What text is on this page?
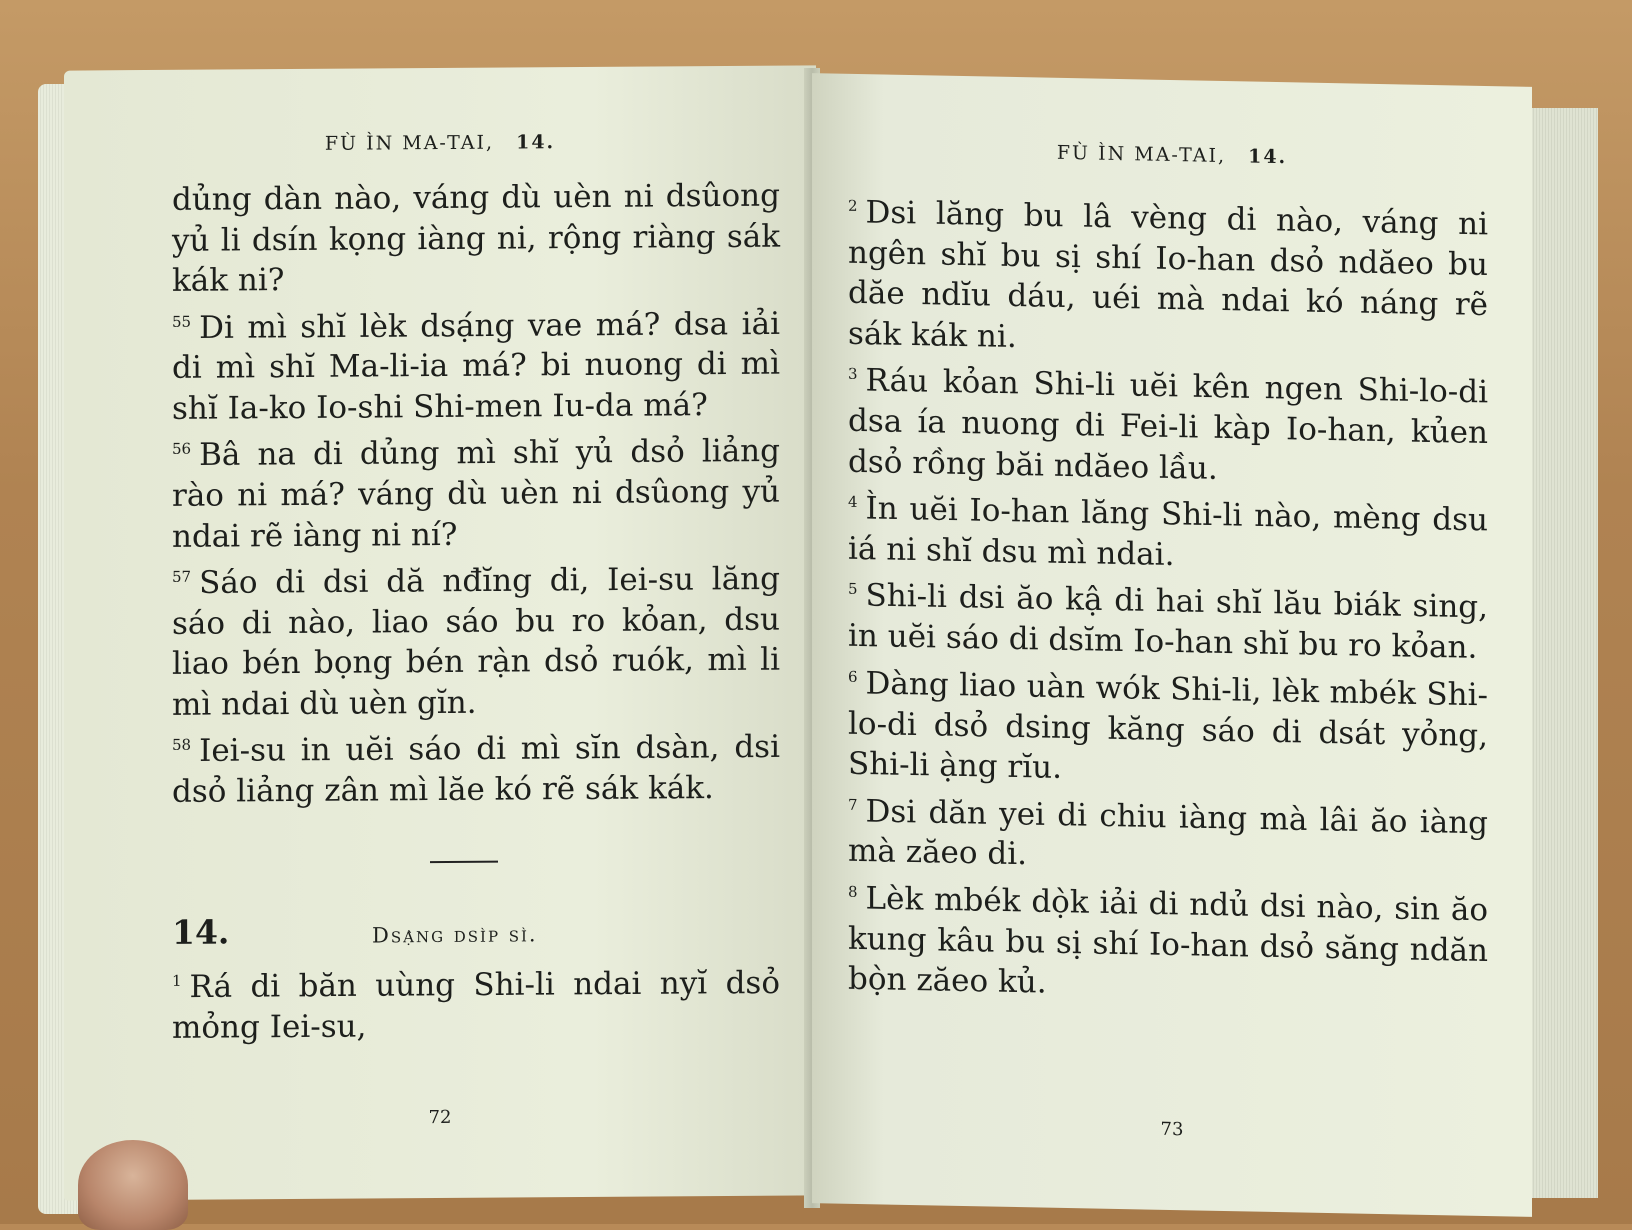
FÙ ÌN MA-TAI, 14.

dủng dàn nào, váng dù uèn ni dsûong yủ li dsín kọng iàng ni, rộng riàng sák kák ni?

$^{55}$ Di mì shĭ lèk dsạ́ng vae má? dsa iải di mì shĭ Ma-li-ia má? bi nuong di mì shĭ Ia-ko Io-shi Shi-men Iu-da má?

$^{56}$ Bâ na di dủng mì shĭ yủ dsỏ liảng rào ni má? váng dù uèn ni dsûong yủ ndai rẽ iàng ni ní?

$^{57}$ Sáo di dsi dă nđĭng di, Iei-su lăng sáo di nào, liao sáo bu ro kỏan, dsu liao bén bọng bén rạ̀n dsỏ ruók, mì li mì ndai dù uèn gĭn.

$^{58}$ Iei-su in uĕi sáo di mì sĭn dsàn, dsi dsỏ liảng zân mì lăe kó rẽ sák kák.

14.	Dsạ̀ng dsìp sì.

$^1$ Rá di băn uùng Shi-li ndai nyĭ dsỏ mỏng Iei-su,

72
FÙ ÌN MA-TAI, 14.

$^2$ Dsi lăng bu lâ vèng di nào, váng ni ngên shĭ bu sị shí Io-han dsỏ ndăeo bu dăe ndĭu dáu, uéi mà ndai kó náng rẽ sák kák ni.

$^3$ Ráu kỏan Shi-li uĕi kên ngen Shi-lo-di dsa ía nuong di Fei-li kàp Io-han, kủen dsỏ rồng băi ndăeo lầu.

$^4$ Ìn uĕi Io-han lăng Shi-li nào, mèng dsu iá ni shĭ dsu mì ndai.

$^5$ Shi-li dsi ăo kậ di hai shĭ lău biák sing, in uĕi sáo di dsĭm Io-han shĭ bu ro kỏan.

$^6$ Dàng liao uàn wók Shi-li, lèk mbék Shi-lo-di dsỏ dsing kăng sáo di dsát yỏng, Shi-li ạ̀ng rĭu.

$^7$ Dsi dăn yei di chiu iàng mà lâi ăo iàng mà zăeo di.

$^8$ Lèk mbék dọ̀k iải di ndủ dsi nào, sin ăo kung kâu bu sị shí Io-han dsỏ săng ndăn bọ̀n zăeo kủ.

73
